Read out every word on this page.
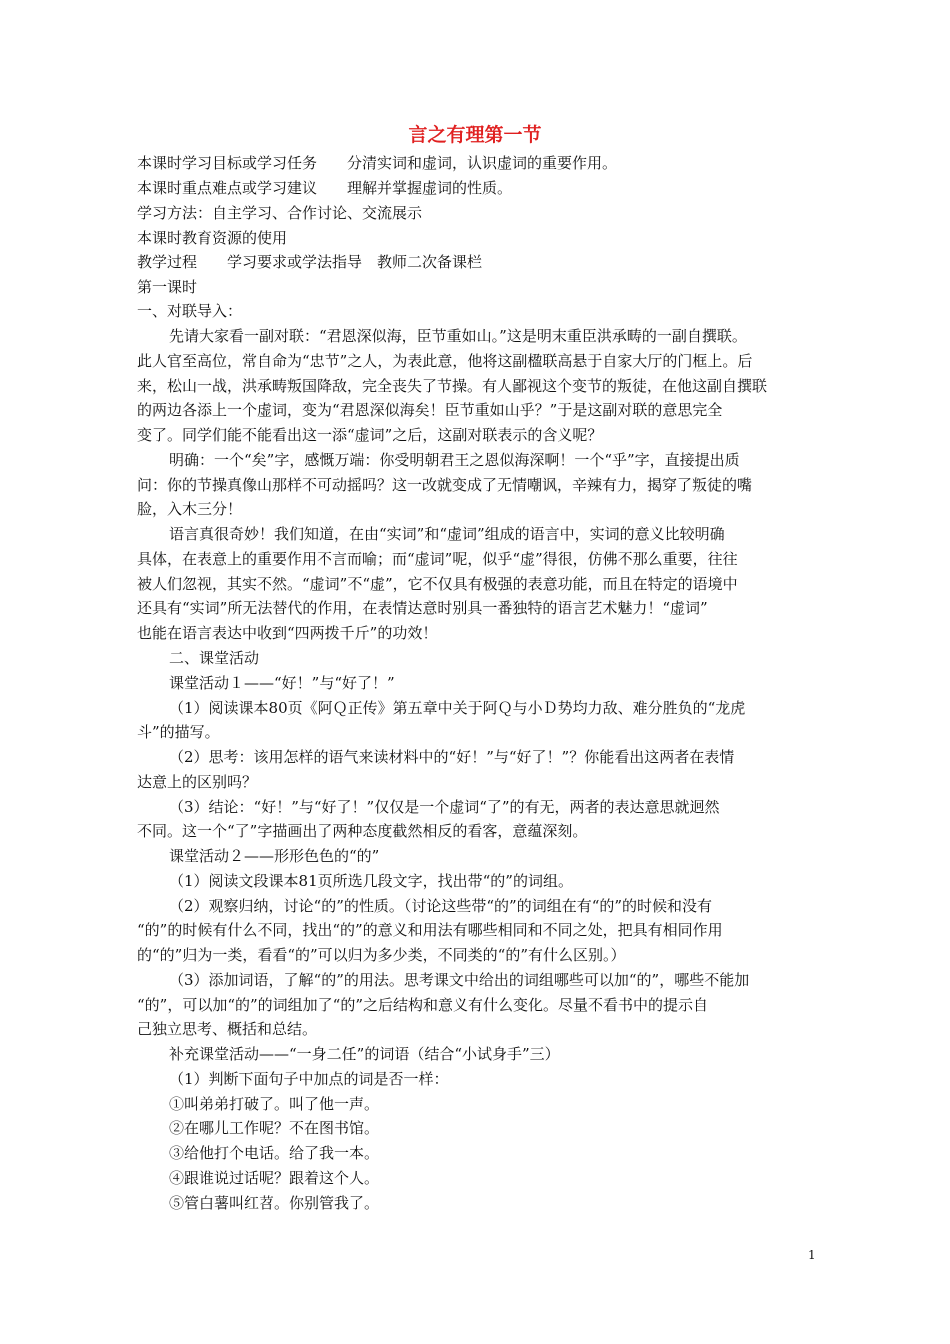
言之有理第一节
本课时学习目标或学习任务　　分清实词和虚词，认识虚词的重要作用。
本课时重点难点或学习建议　　理解并掌握虚词的性质。
学习方法：自主学习、合作讨论、交流展示
本课时教育资源的使用
教学过程　　学习要求或学法指导　教师二次备课栏
第一课时
一、对联导入：
先请大家看一副对联：“君恩深似海，臣节重如山。”这是明末重臣洪承畴的一副自撰联。
此人官至高位，常自命为“忠节”之人，为表此意，他将这副楹联高悬于自家大厅的门框上。后
来，松山一战，洪承畴叛国降敌，完全丧失了节操。有人鄙视这个变节的叛徒，在他这副自撰联
的两边各添上一个虚词，变为“君恩深似海矣！臣节重如山乎？”于是这副对联的意思完全
变了。同学们能不能看出这一添“虚词”之后，这副对联表示的含义呢？
明确：一个“矣”字，感慨万端：你受明朝君王之恩似海深啊！一个“乎”字，直接提出质
问：你的节操真像山那样不可动摇吗？这一改就变成了无情嘲讽，辛辣有力，揭穿了叛徒的嘴
脸，入木三分！
语言真很奇妙！我们知道，在由“实词”和“虚词”组成的语言中，实词的意义比较明确
具体，在表意上的重要作用不言而喻；而“虚词”呢，似乎“虚”得很，仿佛不那么重要，往往
被人们忽视，其实不然。“虚词”不“虚”，它不仅具有极强的表意功能，而且在特定的语境中
还具有“实词”所无法替代的作用，在表情达意时别具一番独特的语言艺术魅力！“虚词”
也能在语言表达中收到“四两拨千斤”的功效！
二、课堂活动
课堂活动１——“好！”与“好了！”
（1）阅读课本80页《阿Ｑ正传》第五章中关于阿Ｑ与小Ｄ势均力敌、难分胜负的“龙虎
斗”的描写。
（2）思考：该用怎样的语气来读材料中的“好！”与“好了！”？你能看出这两者在表情
达意上的区别吗？
（3）结论：“好！”与“好了！”仅仅是一个虚词“了”的有无，两者的表达意思就迥然
不同。这一个“了”字描画出了两种态度截然相反的看客，意蕴深刻。
课堂活动２——形形色色的“的”
（1）阅读文段课本81页所选几段文字，找出带“的”的词组。
（2）观察归纳，讨论“的”的性质。（讨论这些带“的”的词组在有“的”的时候和没有
“的”的时候有什么不同，找出“的”的意义和用法有哪些相同和不同之处，把具有相同作用
的“的”归为一类，看看“的”可以归为多少类，不同类的“的”有什么区别。）
（3）添加词语，了解“的”的用法。思考课文中给出的词组哪些可以加“的”，哪些不能加
“的”，可以加“的”的词组加了“的”之后结构和意义有什么变化。尽量不看书中的提示自
己独立思考、概括和总结。
补充课堂活动——“一身二任”的词语（结合“小试身手”三）
（1）判断下面句子中加点的词是否一样：
①叫弟弟打破了。叫了他一声。
②在哪儿工作呢？不在图书馆。
③给他打个电话。给了我一本。
④跟谁说过话呢？跟着这个人。
⑤管白薯叫红苕。你别管我了。
1
